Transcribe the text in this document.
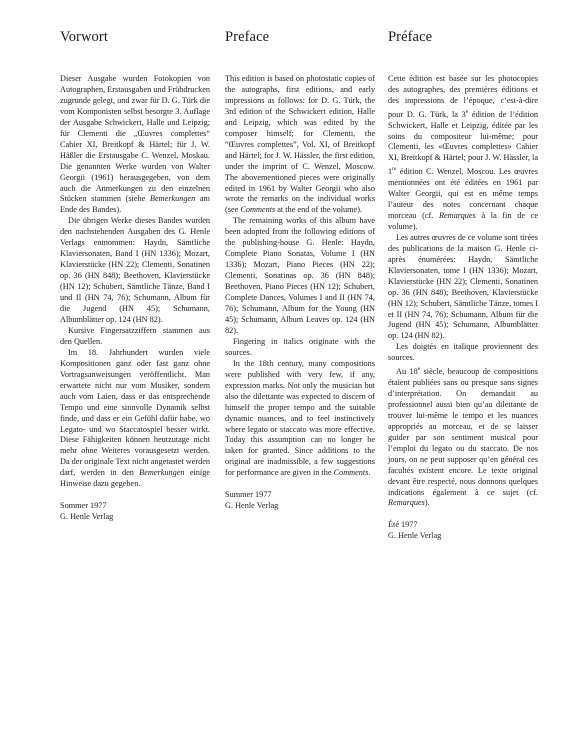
Vorwort

Dieser Ausgabe wurden Fotokopien von Autographen, Erstausgaben und Frühdrucken zugrunde gelegt, und zwar für D. G. Türk die vom Komponisten selbst besorgte 3. Auflage der Ausgabe Schwickert, Halle und Leipzig; für Clementi die „Œuvres complettes“ Cahier XI, Breitkopf & Härtel; für J. W. Häßler die Erstausgabe C. Wenzel, Moskau. Die genannten Werke wurden von Walter Georgii (1961) herausgegeben, von dem auch die Anmerkungen zu den einzelnen Stücken stammen (siehe Bemerkungen am Ende des Bandes).

Die übrigen Werke dieses Bandes wurden den nachstehenden Ausgaben des G. Henle Verlags entnommen: Haydn, Sämtliche Klaviersonaten, Band I (HN 1336); Mozart, Klavierstücke (HN 22); Clementi, Sonatinen op. 36 (HN 848); Beethoven, Klavierstücke (HN 12); Schubert, Sämtliche Tänze, Band I und II (HN 74, 76); Schumann, Album für die Jugend (HN 45); Schumann, Albumblätter op. 124 (HN 82).

Kursive Fingersatzziffern stammen aus den Quellen.

Im 18. Jahrhundert wurden viele Kompositionen ganz oder fast ganz ohne Vortragsanweisungen veröffentlicht. Man erwartete nicht nur vom Musiker, sondern auch vom Laien, dass er das entsprechende Tempo und eine sinnvolle Dynamik selbst finde, und dass er ein Gefühl dafür habe, wo Legato- und wo Staccatospiel besser wirkt. Diese Fähigkeiten können heutzutage nicht mehr ohne Weiteres vorausgesetzt werden. Da der originale Text nicht angetastet werden darf, werden in den Bemerkungen einige Hinweise dazu gegeben.

Sommer 1977
G. Henle Verlag
Preface

This edition is based on photostatic copies of the autographs, first editions, and early impressions as follows: for D. G. Türk, the 3rd edition of the Schwickert edition, Halle and Leipzig, which was edited by the composer himself; for Clementi, the “Œuvres complettes”, Vol. XI, of Breitkopf and Härtel; for J. W. Hässler, the first edition, under the imprint of C. Wenzel, Moscow. The abovementioned pieces were originally edited in 1961 by Walter Georgii who also wrote the remarks on the individual works (see Comments at the end of the volume).

The remaining works of this album have been adopted from the following editions of the publishing-house G. Henle: Haydn, Complete Piano Sonatas, Volume I (HN 1336); Mozart, Piano Pieces (HN 22); Clementi, Sonatinas op. 36 (HN 848); Beethoven, Piano Pieces (HN 12); Schubert, Complete Dances, Volumes I and II (HN 74, 76); Schumann, Album for the Young (HN 45); Schumann, Album Leaves op. 124 (HN 82).

Fingering in italics originate with the sources.

In the 18th century, many compositions were published with very few, if any, expression marks. Not only the musician but also the dilettante was expected to discern of himself the proper tempo and the suitable dynamic nuances, and to feel instinctively where legato or staccato was more effective. Today this assumption can no longer be taken for granted. Since additions to the original are inadmissible, a few suggestions for performance are given in the Comments.

Summer 1977
G. Henle Verlag
Préface

Cette édition est basée sur les photocopies des autographes, des premières éditions et des impressions de l’époque, c’est-à-dire pour D. G. Türk, la 3e édition de l’édition Schwickert, Halle et Leipzig, éditée par les soins du compositeur lui-même; pour Clementi, les «Œuvres complettes» Cahier XI, Breitkopf & Härtel; pour J. W. Hässler, la 1re édition C. Wenzel, Moscou. Les œuvres mentionnées ont été éditées en 1961 par Walter Georgii, qui est en même temps l’auteur des notes concernant chaque morceau (cf. Remarques à la fin de ce volume).

Les autres œuvres de ce volume sont tirées des publications de la maison G. Henle ci-après énumérées: Haydn, Sämtliche Klaviersonaten, tome I (HN 1336); Mozart, Klavierstücke (HN 22); Clementi, Sonatinen op. 36 (HN 848); Beethoven, Klavierstücke (HN 12); Schubert, Sämtliche Tänze, tomes I et II (HN 74, 76); Schumann, Album für die Jugend (HN 45); Schumann, Albumblätter op. 124 (HN 82).

Les doigtés en italique proviennent des sources.

Au 18e siècle, beaucoup de compositions étaient publiées sans ou presque sans signes d’interprétation. On demandait au professionnel aussi bien qu’au dilettante de trouver lui-même le tempo et les nuances appropriés au morceau, et de se laisser guider par son sentiment musical pour l’emploi du legato ou du staccato. De nos jours, on ne peut supposer qu’en général ces facultés existent encore. Le texte original devant être respecté, nous donnons quelques indications également à ce sujet (cf. Remarques).

Été 1977
G. Henle Verlag
